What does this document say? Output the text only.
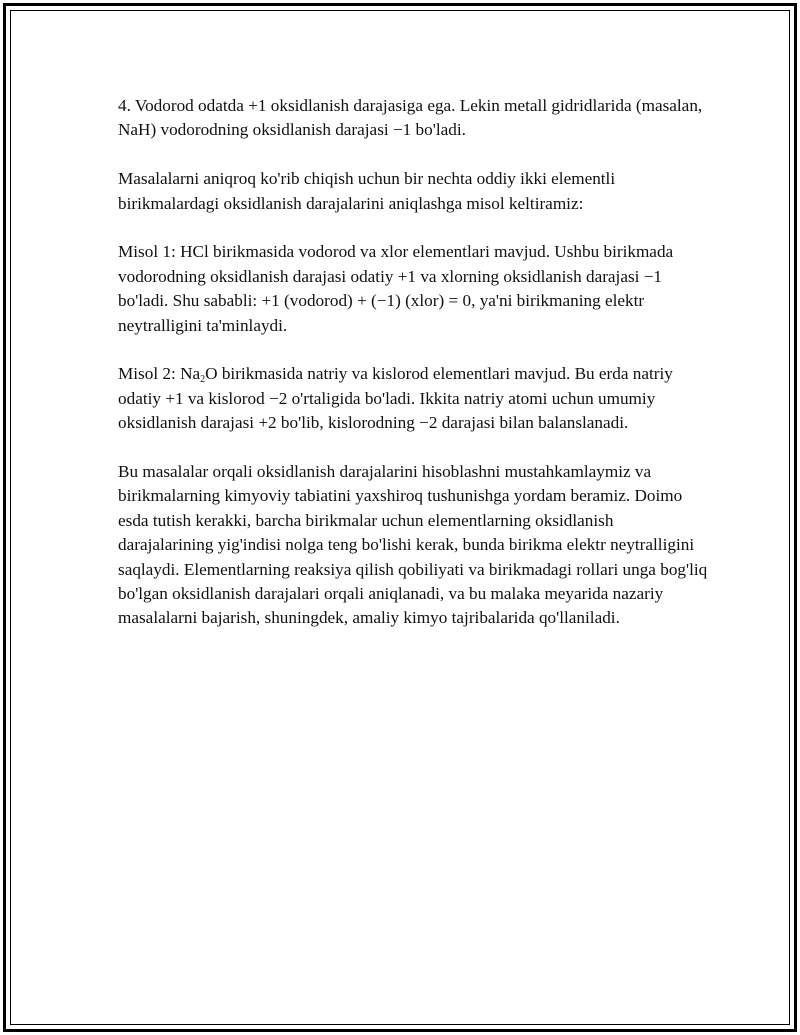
4. Vodorod odatda +1 oksidlanish darajasiga ega. Lekin metall gidridlarida (masalan, NaH) vodorodning oksidlanish darajasi −1 bo'ladi.

Masalalarni aniqroq ko'rib chiqish uchun bir nechta oddiy ikki elementli birikmalardagi oksidlanish darajalarini aniqlashga misol keltiramiz:

Misol 1: HCl birikmasida vodorod va xlor elementlari mavjud. Ushbu birikmada vodorodning oksidlanish darajasi odatiy +1 va xlorning oksidlanish darajasi −1 bo'ladi. Shu sababli: +1 (vodorod) + (−1) (xlor) = 0, ya'ni birikmaning elektr neytralligini ta'minlaydi.

Misol 2: $Na_2O$ birikmasida natriy va kislorod elementlari mavjud. Bu erda natriy odatiy +1 va kislorod −2 o'rtaligida bo'ladi. Ikkita natriy atomi uchun umumiy oksidlanish darajasi +2 bo'lib, kislorodning −2 darajasi bilan balanslanadi.

Bu masalalar orqali oksidlanish darajalarini hisoblashni mustahkamlaymiz va birikmalarning kimyoviy tabiatini yaxshiroq tushunishga yordam beramiz. Doimo esda tutish kerakki, barcha birikmalar uchun elementlarning oksidlanish darajalarining yig'indisi nolga teng bo'lishi kerak, bunda birikma elektr neytralligini saqlaydi. Elementlarning reaksiya qilish qobiliyati va birikmadagi rollari unga bog'liq bo'lgan oksidlanish darajalari orqali aniqlanadi, va bu malaka meyarida nazariy masalalarni bajarish, shuningdek, amaliy kimyo tajribalarida qo'llaniladi.
